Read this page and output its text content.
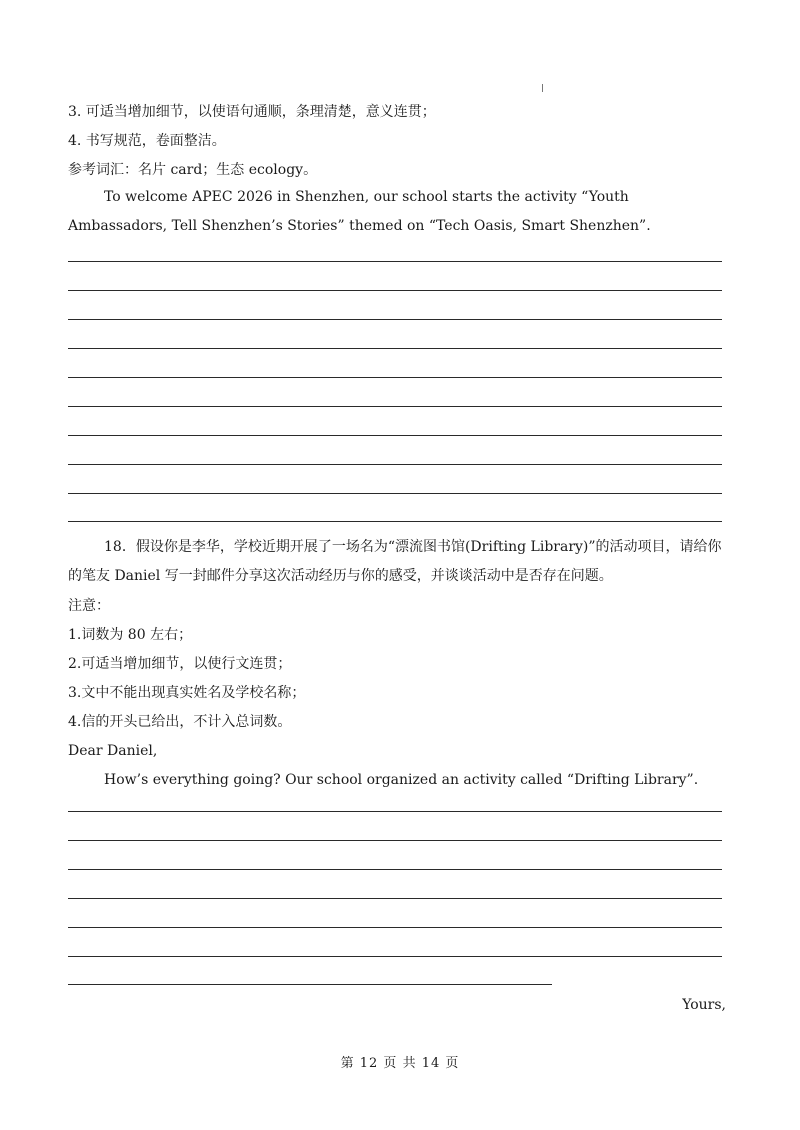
3. 可适当增加细节，以使语句通顺，条理清楚，意义连贯；
4. 书写规范，卷面整洁。
参考词汇：名片 card；生态 ecology。
To welcome APEC 2026 in Shenzhen, our school starts the activity “Youth Ambassadors, Tell Shenzhen’s Stories” themed on “Tech Oasis, Smart Shenzhen”.
18．假设你是李华，学校近期开展了一场名为“漂流图书馆(Drifting Library)”的活动项目，请给你的笔友 Daniel 写一封邮件分享这次活动经历与你的感受，并谈谈活动中是否存在问题。
注意：
1.词数为 80 左右；
2.可适当增加细节，以使行文连贯；
3.文中不能出现真实姓名及学校名称；
4.信的开头已给出，不计入总词数。
Dear Daniel,
How’s everything going? Our school organized an activity called “Drifting Library”.
Yours,
第 12 页 共 14 页
